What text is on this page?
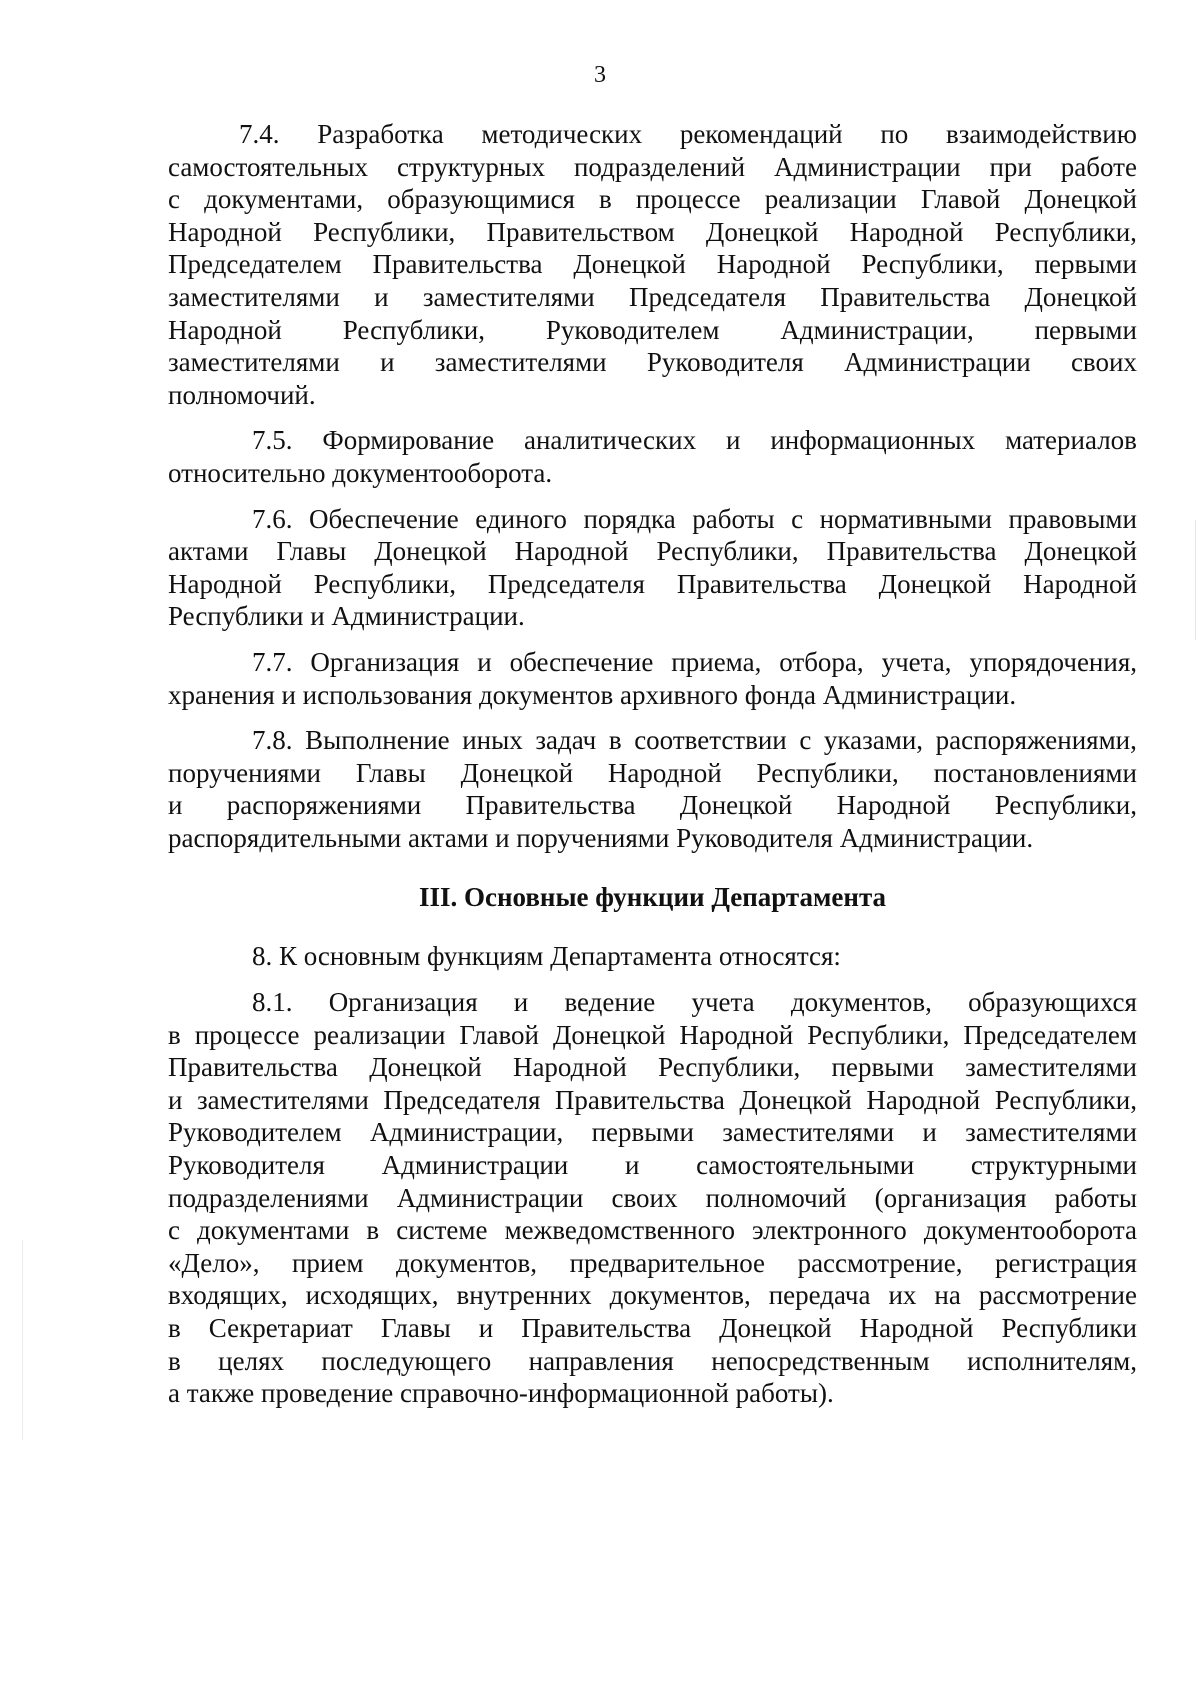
3
7.4. Разработка методических рекомендаций по взаимодействию
самостоятельных структурных подразделений Администрации при работе
с документами, образующимися в процессе реализации Главой Донецкой
Народной Республики, Правительством Донецкой Народной Республики,
Председателем Правительства Донецкой Народной Республики, первыми
заместителями и заместителями Председателя Правительства Донецкой
Народной Республики, Руководителем Администрации, первыми
заместителями и заместителями Руководителя Администрации своих
полномочий.
7.5. Формирование аналитических и информационных материалов
относительно документооборота.
7.6. Обеспечение единого порядка работы с нормативными правовыми
актами Главы Донецкой Народной Республики, Правительства Донецкой
Народной Республики, Председателя Правительства Донецкой Народной
Республики и Администрации.
7.7. Организация и обеспечение приема, отбора, учета, упорядочения,
хранения и использования документов архивного фонда Администрации.
7.8. Выполнение иных задач в соответствии с указами, распоряжениями,
поручениями Главы Донецкой Народной Республики, постановлениями
и распоряжениями Правительства Донецкой Народной Республики,
распорядительными актами и поручениями Руководителя Администрации.
III. Основные функции Департамента
8. К основным функциям Департамента относятся:
8.1. Организация и ведение учета документов, образующихся
в процессе реализации Главой Донецкой Народной Республики, Председателем
Правительства Донецкой Народной Республики, первыми заместителями
и заместителями Председателя Правительства Донецкой Народной Республики,
Руководителем Администрации, первыми заместителями и заместителями
Руководителя Администрации и самостоятельными структурными
подразделениями Администрации своих полномочий (организация работы
с документами в системе межведомственного электронного документооборота
«Дело», прием документов, предварительное рассмотрение, регистрация
входящих, исходящих, внутренних документов, передача их на рассмотрение
в Секретариат Главы и Правительства Донецкой Народной Республики
в целях последующего направления непосредственным исполнителям,
а также проведение справочно-информационной работы).
